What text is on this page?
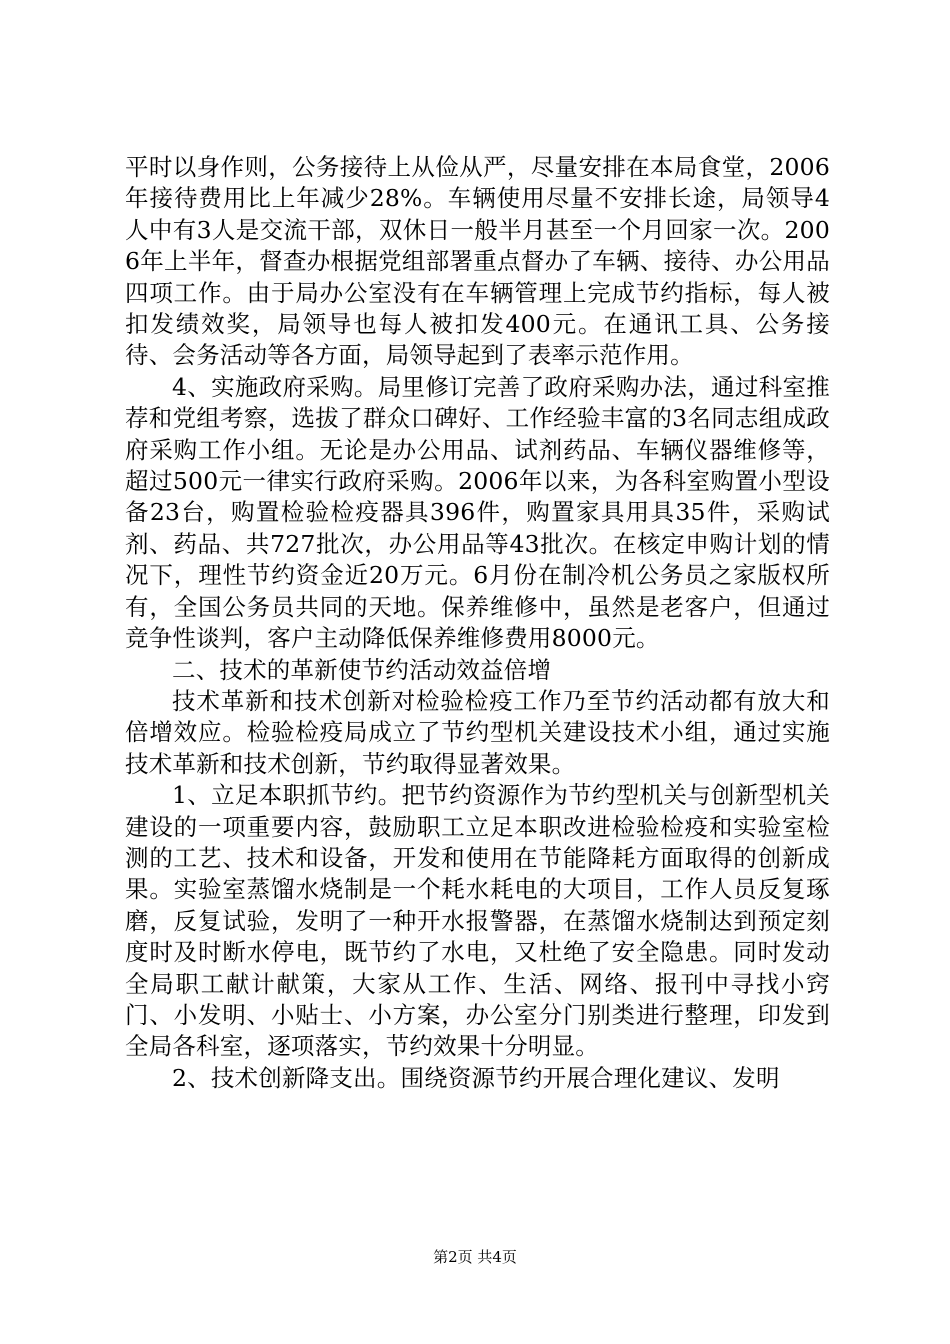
平时以身作则，公务接待上从俭从严，尽量安排在本局食堂，2006年接待费用比上年减少28%。车辆使用尽量不安排长途，局领导4人中有3人是交流干部，双休日一般半月甚至一个月回家一次。2006年上半年，督查办根据党组部署重点督办了车辆、接待、办公用品四项工作。由于局办公室没有在车辆管理上完成节约指标，每人被扣发绩效奖，局领导也每人被扣发400元。在通讯工具、公务接待、会务活动等各方面，局领导起到了表率示范作用。

4、实施政府采购。局里修订完善了政府采购办法，通过科室推荐和党组考察，选拔了群众口碑好、工作经验丰富的3名同志组成政府采购工作小组。无论是办公用品、试剂药品、车辆仪器维修等，超过500元一律实行政府采购。2006年以来，为各科室购置小型设备23台，购置检验检疫器具396件，购置家具用具35件，采购试剂、药品、共727批次，办公用品等43批次。在核定申购计划的情况下，理性节约资金近20万元。6月份在制冷机公务员之家版权所有，全国公务员共同的天地。保养维修中，虽然是老客户，但通过竞争性谈判，客户主动降低保养维修费用8000元。

二、技术的革新使节约活动效益倍增

技术革新和技术创新对检验检疫工作乃至节约活动都有放大和倍增效应。检验检疫局成立了节约型机关建设技术小组，通过实施技术革新和技术创新，节约取得显著效果。

1、立足本职抓节约。把节约资源作为节约型机关与创新型机关建设的一项重要内容，鼓励职工立足本职改进检验检疫和实验室检测的工艺、技术和设备，开发和使用在节能降耗方面取得的创新成果。实验室蒸馏水烧制是一个耗水耗电的大项目，工作人员反复琢磨，反复试验，发明了一种开水报警器，在蒸馏水烧制达到预定刻度时及时断水停电，既节约了水电，又杜绝了安全隐患。同时发动全局职工献计献策，大家从工作、生活、网络、报刊中寻找小窍门、小发明、小贴士、小方案，办公室分门别类进行整理，印发到全局各科室，逐项落实，节约效果十分明显。

2、技术创新降支出。围绕资源节约开展合理化建议、发明

第2页 共4页
